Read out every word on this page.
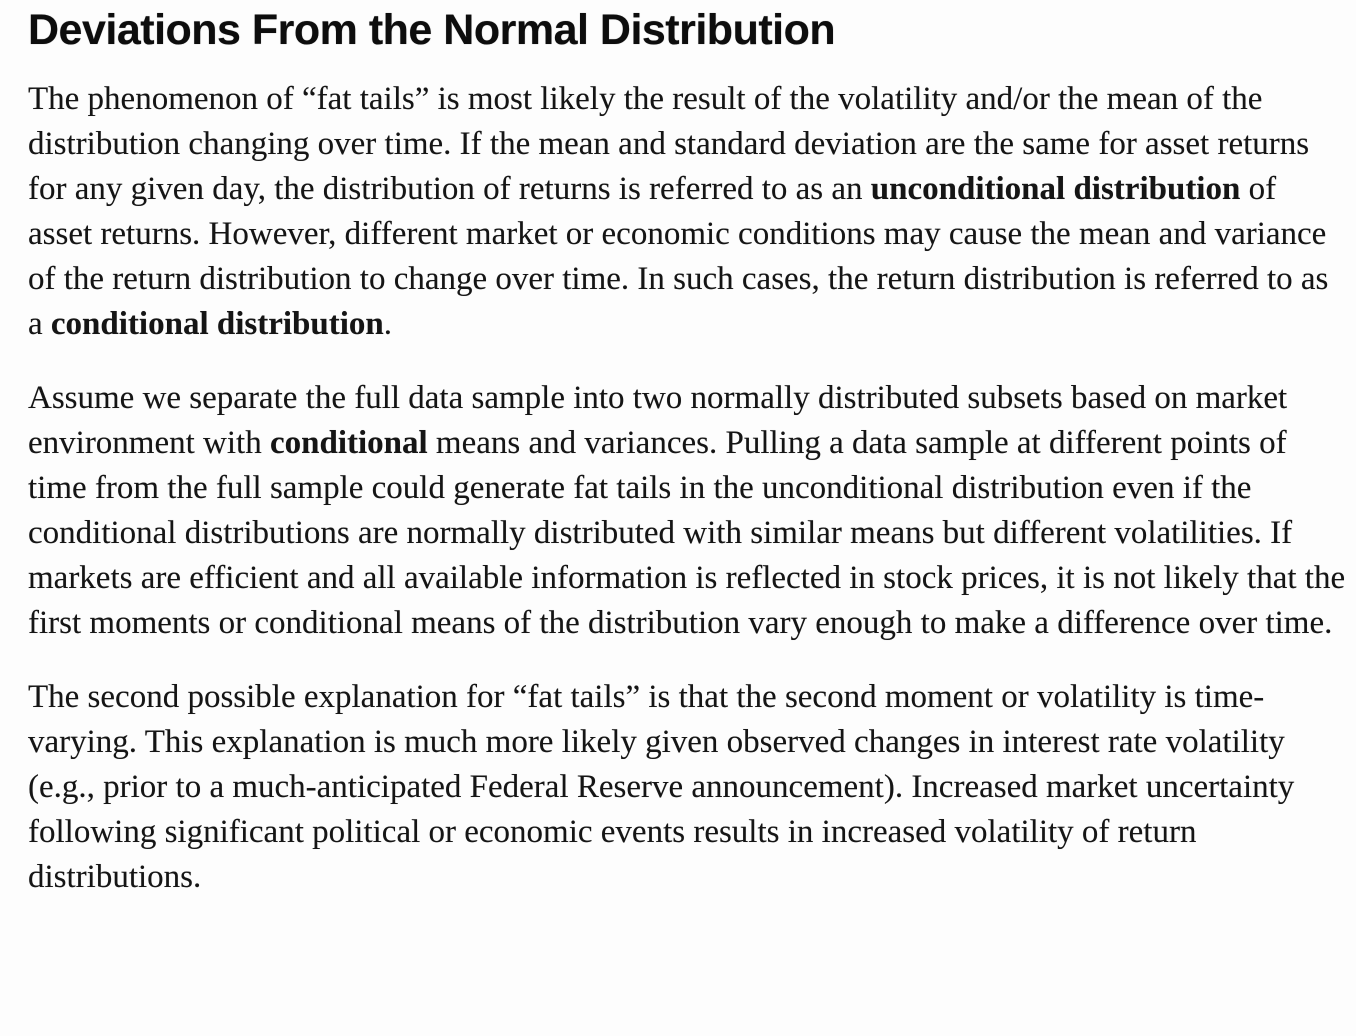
Deviations From the Normal Distribution

The phenomenon of “fat tails” is most likely the result of the volatility and/or the mean of the distribution changing over time. If the mean and standard deviation are the same for asset returns for any given day, the distribution of returns is referred to as an unconditional distribution of asset returns. However, different market or economic conditions may cause the mean and variance of the return distribution to change over time. In such cases, the return distribution is referred to as a conditional distribution.

Assume we separate the full data sample into two normally distributed subsets based on market environment with conditional means and variances. Pulling a data sample at different points of time from the full sample could generate fat tails in the unconditional distribution even if the conditional distributions are normally distributed with similar means but different volatilities. If markets are efficient and all available information is reflected in stock prices, it is not likely that the first moments or conditional means of the distribution vary enough to make a difference over time.

The second possible explanation for “fat tails” is that the second moment or volatility is time-varying. This explanation is much more likely given observed changes in interest rate volatility (e.g., prior to a much-anticipated Federal Reserve announcement). Increased market uncertainty following significant political or economic events results in increased volatility of return distributions.
